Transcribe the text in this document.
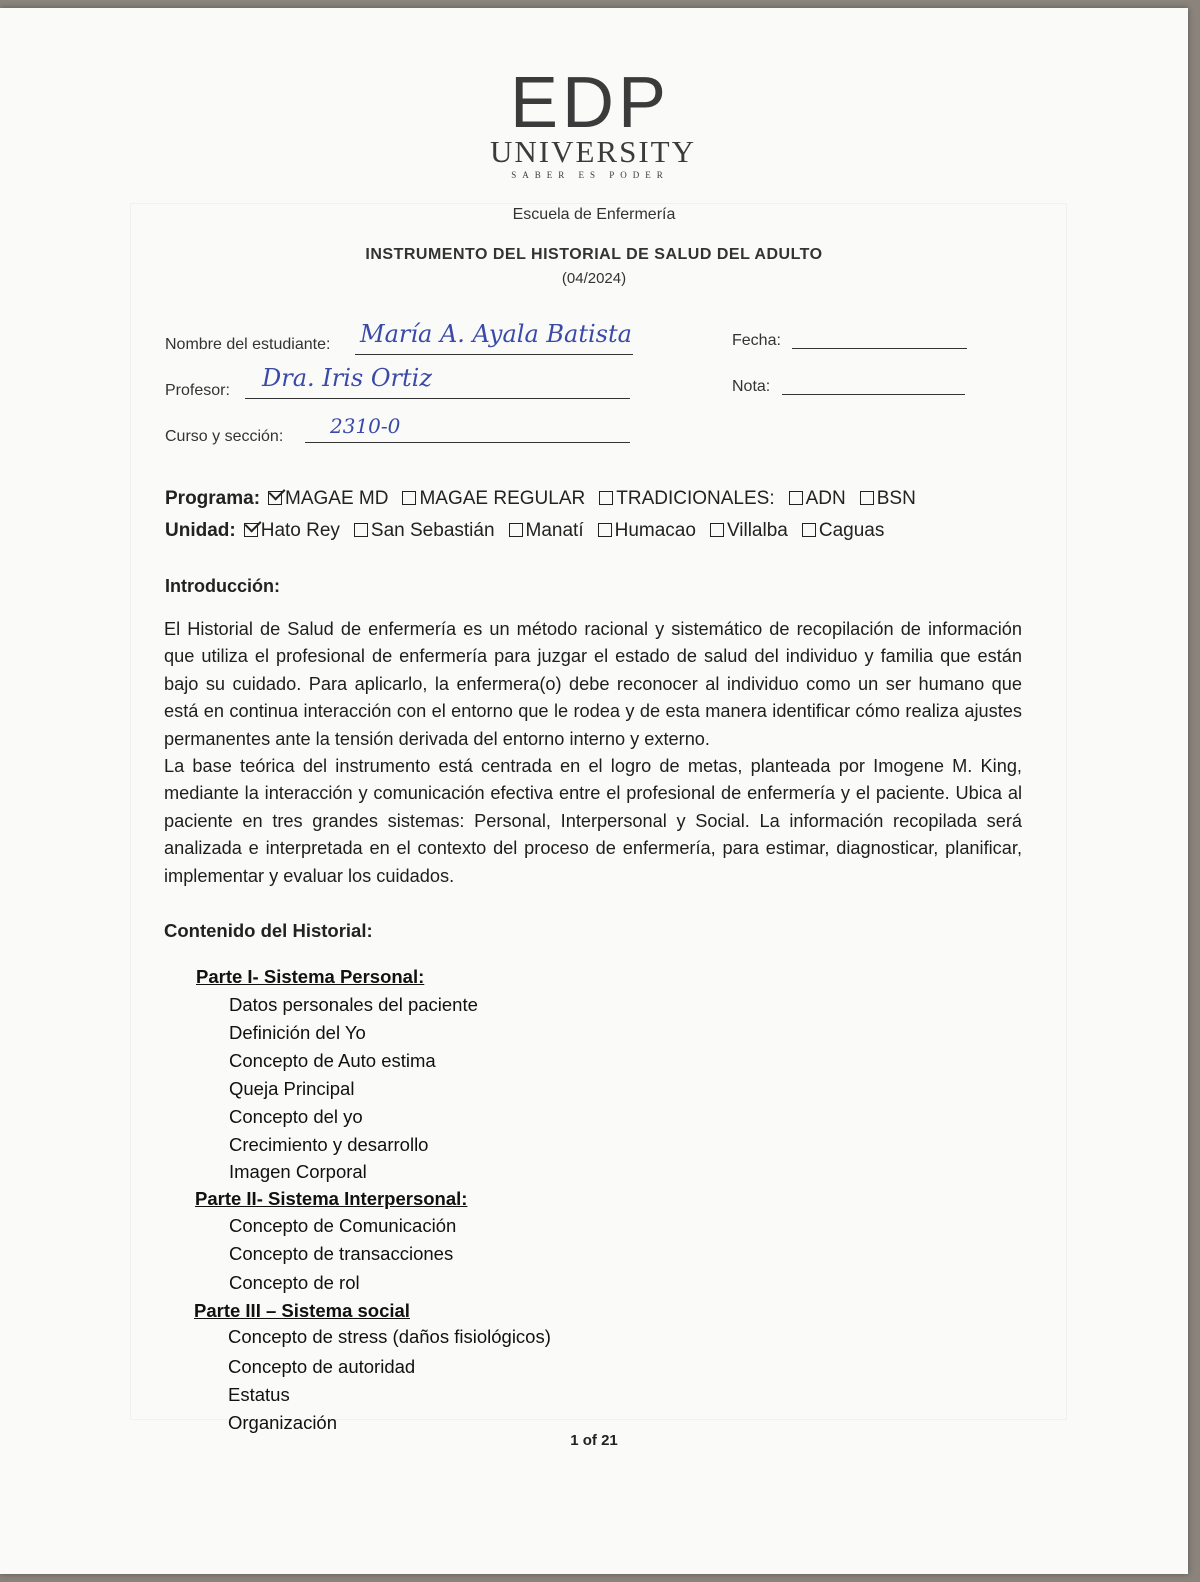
EDP
UNIVERSITY
SABER ES PODER
Escuela de Enfermería
INSTRUMENTO DEL HISTORIAL DE SALUD DEL ADULTO
(04/2024)
Nombre del estudiante: María A. Ayala Batista	Fecha:
Profesor: Dra. Iris Ortiz	Nota:
Curso y sección: 2310-0
Programa: MAGAE MD MAGAE REGULAR TRADICIONALES: ADN BSN
Unidad: Hato Rey San Sebastián Manatí Humacao Villalba Caguas
Introducción:

El Historial de Salud de enfermería es un método racional y sistemático de recopilación de información que utiliza el profesional de enfermería para juzgar el estado de salud del individuo y familia que están bajo su cuidado. Para aplicarlo, la enfermera(o) debe reconocer al individuo como un ser humano que está en continua interacción con el entorno que le rodea y de esta manera identificar cómo realiza ajustes permanentes ante la tensión derivada del entorno interno y externo.

La base teórica del instrumento está centrada en el logro de metas, planteada por Imogene M. King, mediante la interacción y comunicación efectiva entre el profesional de enfermería y el paciente. Ubica al paciente en tres grandes sistemas: Personal, Interpersonal y Social. La información recopilada será analizada e interpretada en el contexto del proceso de enfermería, para estimar, diagnosticar, planificar, implementar y evaluar los cuidados.

Contenido del Historial:
Parte I- Sistema Personal:
Datos personales del paciente
Definición del Yo
Concepto de Auto estima
Queja Principal
Concepto del yo
Crecimiento y desarrollo
Imagen Corporal
Parte II- Sistema Interpersonal:
Concepto de Comunicación
Concepto de transacciones
Concepto de rol
Parte III – Sistema social
Concepto de stress (daños fisiológicos)
Concepto de autoridad
Estatus
Organización
1 of 21
